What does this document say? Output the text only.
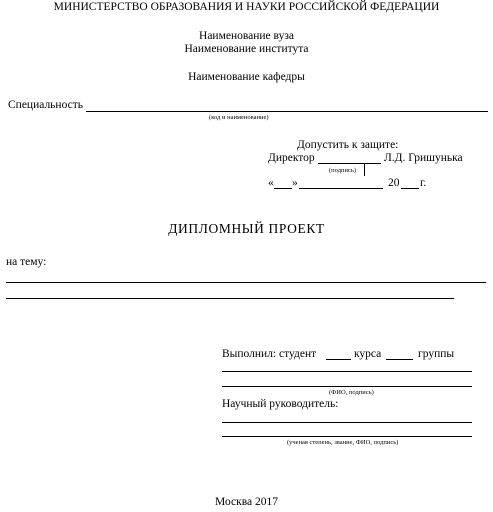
МИНИСТЕРСТВО ОБРАЗОВАНИЯ И НАУКИ РОССИЙСКОЙ ФЕДЕРАЦИИ
Наименование вуза
Наименование института
Наименование кафедры
Специальность
(код и наименование)
Допустить к защите:
Директор	Л.Д. Гришунька
(подпись)
« »	20 г.
ДИПЛОМНЫЙ ПРОЕКТ
на тему:
Выполнил: студент	курса	группы
(ФИО, подпись)
Научный руководитель:
(ученая степень, звание, ФИО, подпись)
Москва 2017
